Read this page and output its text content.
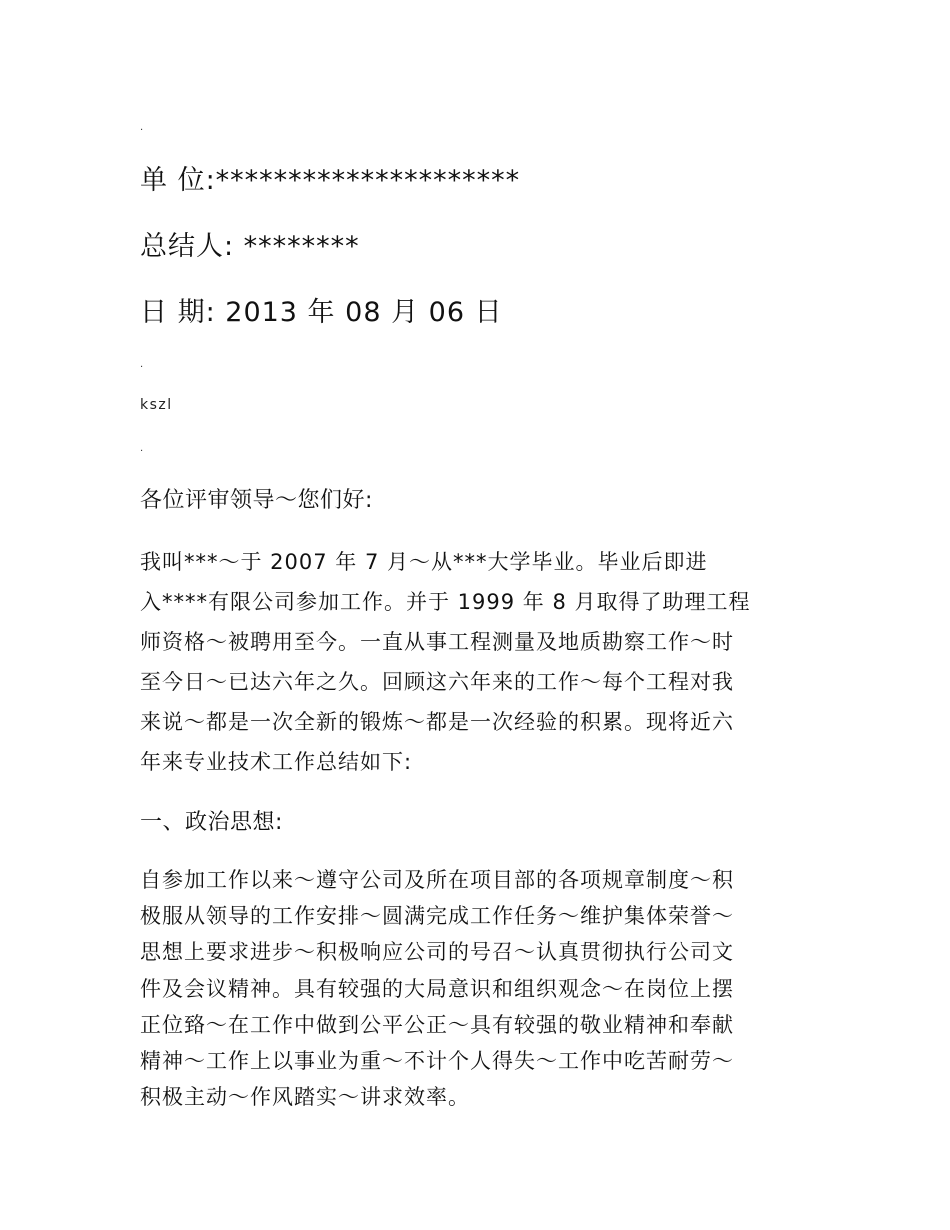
.
单 位:*********************
总结人: ********
日 期: 2013 年 08 月 06 日
.
kszl
.
各位评审领导～您们好:
我叫***～于 2007 年 7 月～从***大学毕业。毕业后即进
入****有限公司参加工作。并于 1999 年 8 月取得了助理工程
师资格～被聘用至今。一直从事工程测量及地质勘察工作～时
至今日～已达六年之久。回顾这六年来的工作～每个工程对我
来说～都是一次全新的锻炼～都是一次经验的积累。现将近六
年来专业技术工作总结如下:
一、政治思想:
自参加工作以来～遵守公司及所在项目部的各项规章制度～积
极服从领导的工作安排～圆满完成工作任务～维护集体荣誉～
思想上要求进步～积极响应公司的号召～认真贯彻执行公司文
件及会议精神。具有较强的大局意识和组织观念～在岗位上摆
正位臵～在工作中做到公平公正～具有较强的敬业精神和奉献
精神～工作上以事业为重～不计个人得失～工作中吃苦耐劳～
积极主动～作风踏实～讲求效率。
